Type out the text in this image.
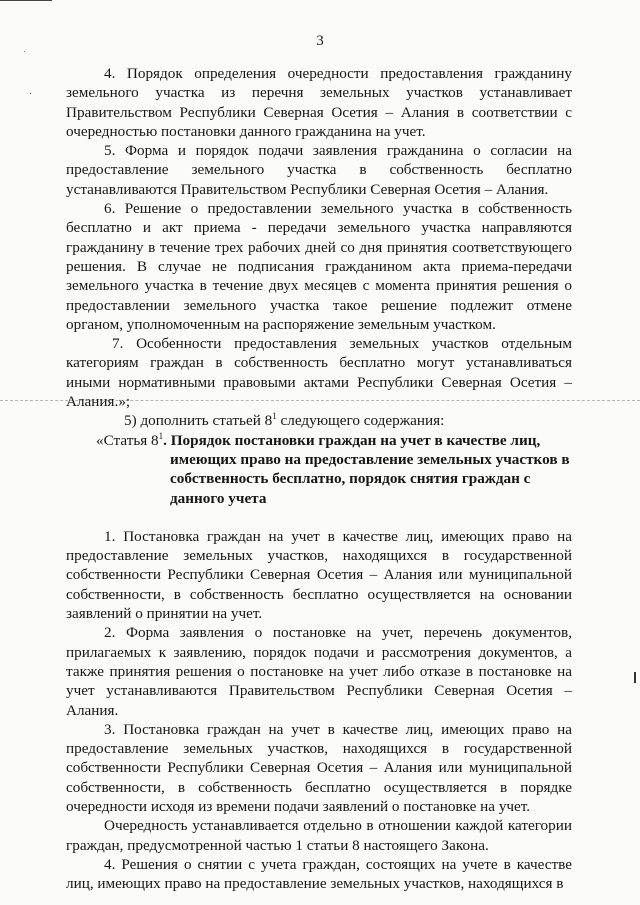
3

4. Порядок определения очередности предоставления гражданину земельного участка из перечня земельных участков устанавливает Правительством Республики Северная Осетия – Алания в соответствии с очередностью постановки данного гражданина на учет.

5. Форма и порядок подачи заявления гражданина о согласии на предоставление земельного участка в собственность бесплатно устанавливаются Правительством Республики Северная Осетия – Алания.

6. Решение о предоставлении земельного участка в собственность бесплатно и акт приема - передачи земельного участка направляются гражданину в течение трех рабочих дней со дня принятия соответствующего решения. В случае не подписания гражданином акта приема-передачи земельного участка в течение двух месяцев с момента принятия решения о предоставлении земельного участка такое решение подлежит отмене органом, уполномоченным на распоряжение земельным участком.

7. Особенности предоставления земельных участков отдельным категориям граждан в собственность бесплатно могут устанавливаться иными нормативными правовыми актами Республики Северная Осетия – Алания.»;

5) дополнить статьей $8^1$ следующего содержания:

«Статья $8^1$. Порядок постановки граждан на учет в качестве лиц,

имеющих право на предоставление земельных участков в собственность бесплатно, порядок снятия граждан с данного учета

1. Постановка граждан на учет в качестве лиц, имеющих право на предоставление земельных участков, находящихся в государственной собственности Республики Северная Осетия – Алания или муниципальной собственности, в собственность бесплатно осуществляется на основании заявлений о принятии на учет.

2. Форма заявления о постановке на учет, перечень документов, прилагаемых к заявлению, порядок подачи и рассмотрения документов, а также принятия решения о постановке на учет либо отказе в постановке на учет устанавливаются Правительством Республики Северная Осетия – Алания.

3. Постановка граждан на учет в качестве лиц, имеющих право на предоставление земельных участков, находящихся в государственной собственности Республики Северная Осетия – Алания или муниципальной собственности, в собственность бесплатно осуществляется в порядке очередности исходя из времени подачи заявлений о постановке на учет.

Очередность устанавливается отдельно в отношении каждой категории граждан, предусмотренной частью 1 статьи 8 настоящего Закона.

4. Решения о снятии с учета граждан, состоящих на учете в качестве лиц, имеющих право на предоставление земельных участков, находящихся в
